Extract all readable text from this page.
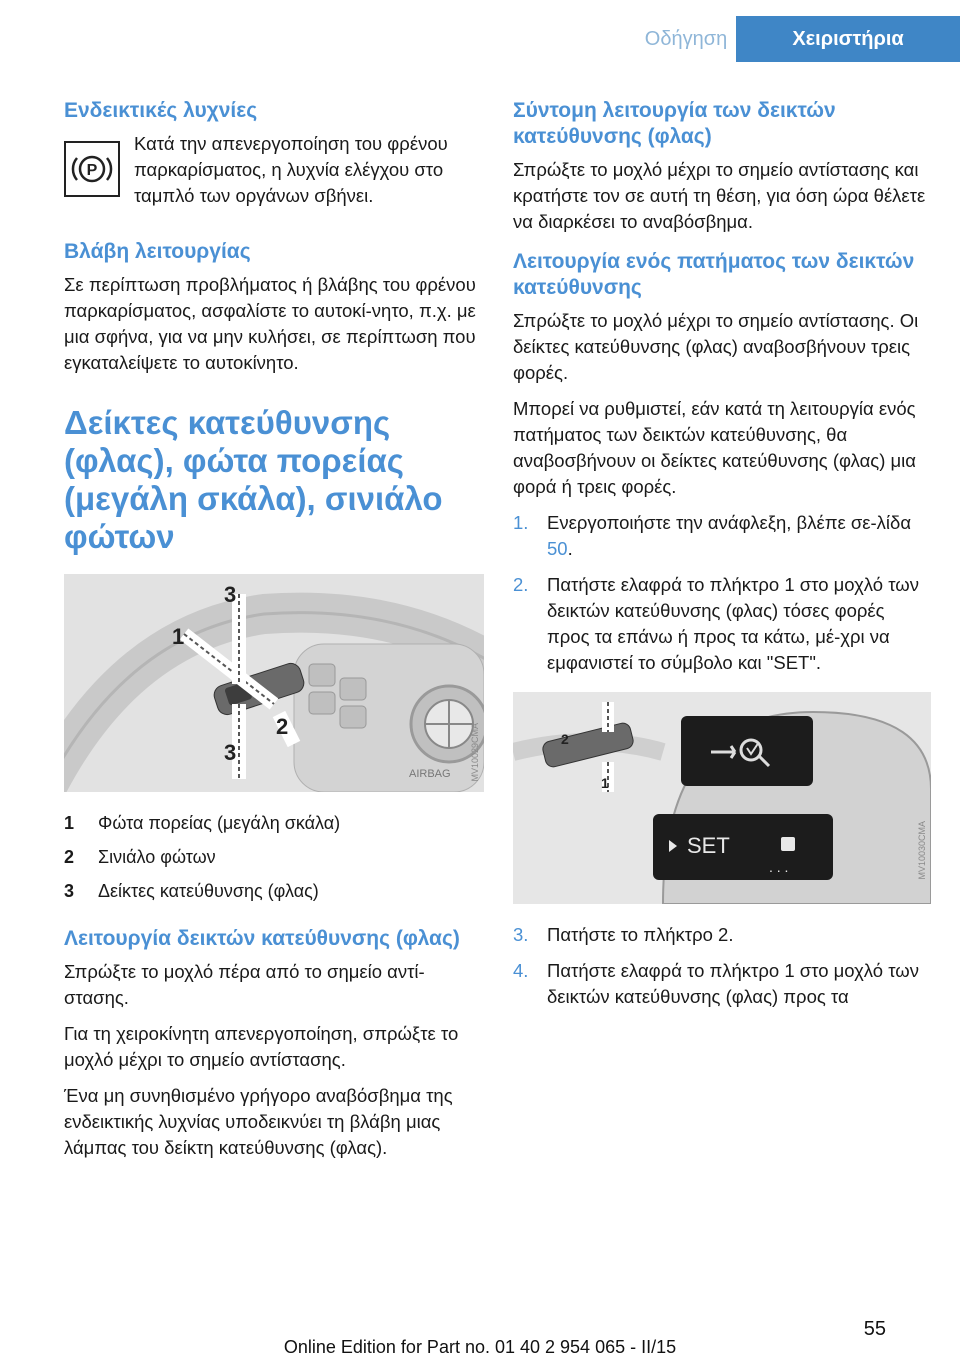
Οδήγηση	Χειριστήρια
Ενδεικτικές λυχνίες
P

Κατά την απενεργοποίηση του φρένου παρκαρίσματος, η λυχνία ελέγχου στο ταμπλό των οργάνων σβήνει.

Βλάβη λειτουργίας

Σε περίπτωση προβλήματος ή βλάβης του φρένου παρκαρίσματος, ασφαλίστε το αυτοκί‐νητο, π.χ. με μια σφήνα, για να μην κυλήσει, σε περίπτωση που εγκαταλείψετε το αυτοκίνητο.

Δείκτες κατεύθυνσης (φλας), φώτα πορείας (μεγάλη σκάλα), σινιάλο φώτων
AIRBAG
1
3
3
2	MV10029CMA
1	Φώτα πορείας (μεγάλη σκάλα)
2	Σινιάλο φώτων
3	Δείκτες κατεύθυνσης (φλας)
Λειτουργία δεικτών κατεύθυνσης (φλας)

Σπρώξτε το μοχλό πέρα από το σημείο αντί‐στασης.

Για τη χειροκίνητη απενεργοποίηση, σπρώξτε το μοχλό μέχρι το σημείο αντίστασης.

Ένα μη συνηθισμένο γρήγορο αναβόσβημα της ενδεικτικής λυχνίας υποδεικνύει τη βλάβη μιας λάμπας του δείκτη κατεύθυνσης (φλας).

Σύντομη λειτουργία των δεικτών κατεύθυνσης (φλας)

Σπρώξτε το μοχλό μέχρι το σημείο αντίστασης και κρατήστε τον σε αυτή τη θέση, για όση ώρα θέλετε να διαρκέσει το αναβόσβημα.

Λειτουργία ενός πατήματος των δεικτών κατεύθυνσης

Σπρώξτε το μοχλό μέχρι το σημείο αντίστασης. Οι δείκτες κατεύθυνσης (φλας) αναβοσβήνουν τρεις φορές.

Μπορεί να ρυθμιστεί, εάν κατά τη λειτουργία ενός πατήματος των δεικτών κατεύθυνσης, θα αναβοσβήνουν οι δείκτες κατεύθυνσης (φλας) μια φορά ή τρεις φορές.

1.	Ενεργοποιήστε την ανάφλεξη, βλέπε σε‐λίδα 50.
2.	Πατήστε ελαφρά το πλήκτρο 1 στο μοχλό των δεικτών κατεύθυνσης (φλας) τόσες φορές προς τα επάνω ή προς τα κάτω, μέ‐χρι να εμφανιστεί το σύμβολο και "SET".
2
1
SET
. . .	MV10030CMA
3.	Πατήστε το πλήκτρο 2.
4.	Πατήστε ελαφρά το πλήκτρο 1 στο μοχλό των δεικτών κατεύθυνσης (φλας) προς τα
55
Online Edition for Part no. 01 40 2 954 065 - II/15
